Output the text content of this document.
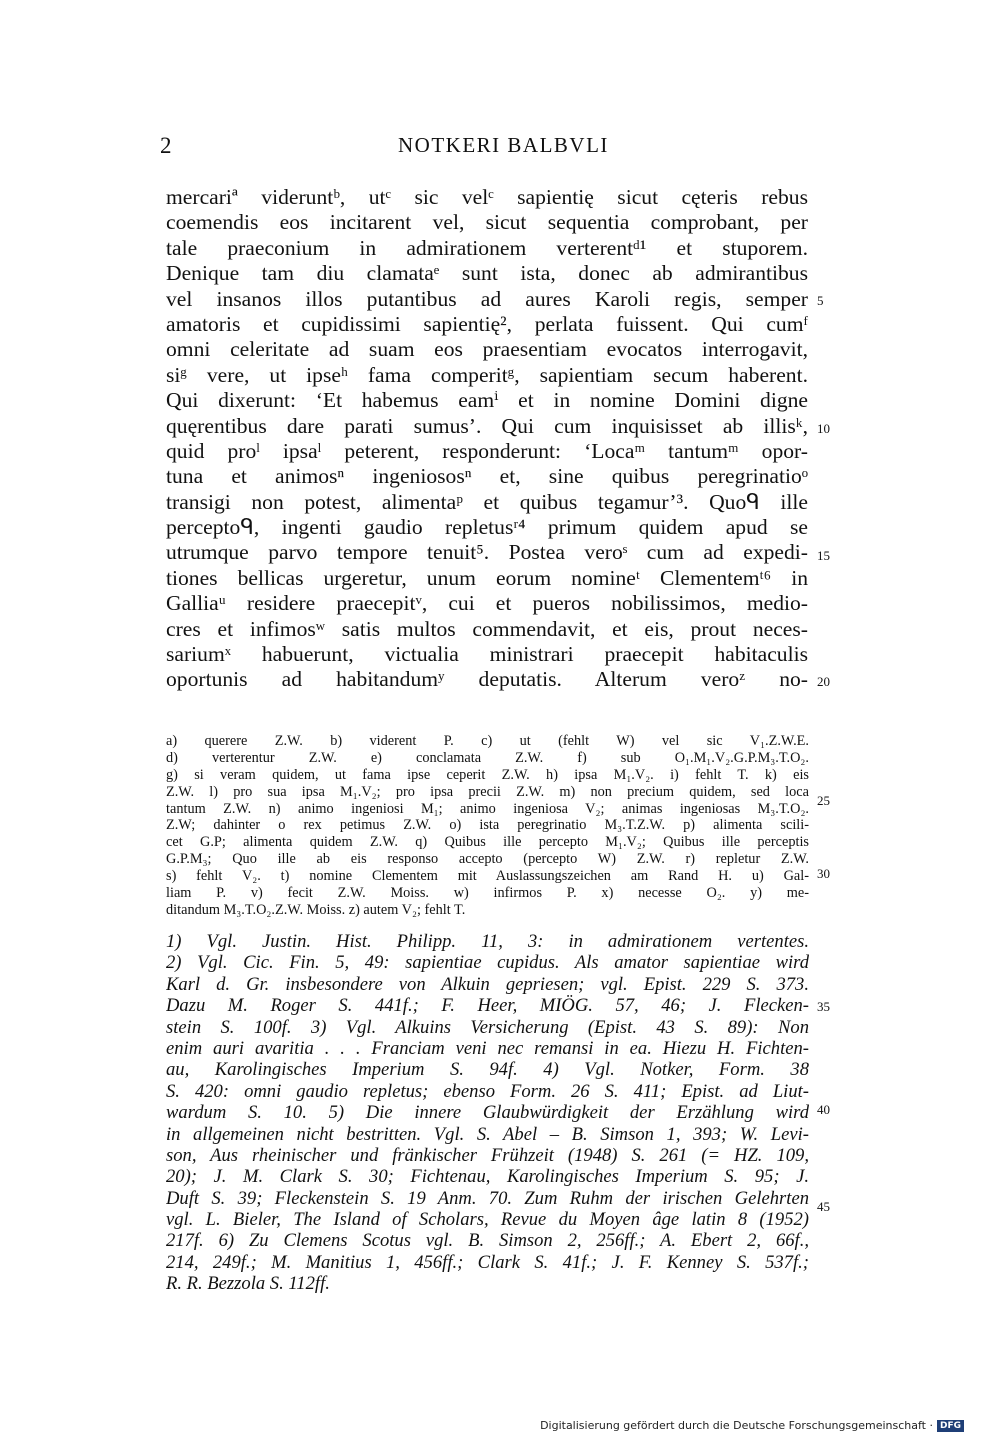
2	NOTKERI BALBVLI
mercariª videruntᵇ, utᶜ sic velᶜ sapientię sicut cęteris rebus
coemendis eos incitarent vel, sicut sequentia comprobant, per
tale praeconium in admirationem verterentᵈ¹ et stuporem.
Denique tam diu clamataᵉ sunt ista, donec ab admirantibus
vel insanos illos putantibus ad aures Karoli regis, semper
amatoris et cupidissimi sapientię², perlata fuissent. Qui cumᶠ
omni celeritate ad suam eos praesentiam evocatos interrogavit,
siᵍ vere, ut ipseʰ fama comperitᵍ, sapientiam secum haberent.
Qui dixerunt: ‘Et habemus eamⁱ et in nomine Domini digne
quęrentibus dare parati sumus’. Qui cum inquisisset ab illisᵏ,
quid proˡ ipsaˡ peterent, responderunt: ‘Locaᵐ tantumᵐ opor-
tuna et animosⁿ ingeniososⁿ et, sine quibus peregrinatioᵒ
transigi non potest, alimentaᵖ et quibus tegamur’³. Quoᑫ ille
perceptoᑫ, ingenti gaudio repletusʳ⁴ primum quidem apud se
utrumque parvo tempore tenuit⁵. Postea veroˢ cum ad expedi-
tiones bellicas urgeretur, unum eorum nomineᵗ Clementemᵗ⁶ in
Galliaᵘ residere praecepitᵛ, cui et pueros nobilissimos, medio-
cres et infimosʷ satis multos commendavit, et eis, prout neces-
sariumˣ habuerunt, victualia ministrari praecepit habitaculis
oportunis ad habitandumʸ deputatis. Alterum veroᶻ no-
a) querere Z.W. b) viderent P. c) ut (fehlt W) vel sic V₁.Z.W.E.
d) verterentur Z.W. e) conclamata Z.W. f) sub O₁.M₁.V₂.G.P.M₃.T.O₂.
g) si veram quidem, ut fama ipse ceperit Z.W. h) ipsa M₁.V₂. i) fehlt T. k) eis
Z.W. l) pro sua ipsa M₁.V₂; pro ipsa precii Z.W. m) non precium quidem, sed loca
tantum Z.W. n) animo ingeniosi M₁; animo ingeniosa V₂; animas ingeniosas M₃.T.O₂.
Z.W; dahinter o rex petimus Z.W. o) ista peregrinatio M₃.T.Z.W. p) alimenta scili-
cet G.P; alimenta quidem Z.W. q) Quibus ille percepto M₁.V₂; Quibus ille perceptis
G.P.M₃; Quo ille ab eis responso accepto (percepto W) Z.W. r) repletur Z.W.
s) fehlt V₂. t) nomine Clementem mit Auslassungszeichen am Rand H. u) Gal-
liam P. v) fecit Z.W. Moiss. w) infirmos P. x) necesse O₂. y) me-
ditandum M₃.T.O₂.Z.W. Moiss. z) autem V₂; fehlt T.
1) Vgl. Justin. Hist. Philipp. 11, 3: in admirationem vertentes.
2) Vgl. Cic. Fin. 5, 49: sapientiae cupidus. Als amator sapientiae wird
Karl d. Gr. insbesondere von Alkuin gepriesen; vgl. Epist. 229 S. 373.
Dazu M. Roger S. 441f.; F. Heer, MIÖG. 57, 46; J. Flecken-
stein S. 100f. 3) Vgl. Alkuins Versicherung (Epist. 43 S. 89): Non
enim auri avaritia . . . Franciam veni nec remansi in ea. Hiezu H. Fichten-
au, Karolingisches Imperium S. 94f. 4) Vgl. Notker, Form. 38
S. 420: omni gaudio repletus; ebenso Form. 26 S. 411; Epist. ad Liut-
wardum S. 10. 5) Die innere Glaubwürdigkeit der Erzählung wird
in allgemeinen nicht bestritten. Vgl. S. Abel – B. Simson 1, 393; W. Levi-
son, Aus rheinischer und fränkischer Frühzeit (1948) S. 261 (= HZ. 109,
20); J. M. Clark S. 30; Fichtenau, Karolingisches Imperium S. 95; J.
Duft S. 39; Fleckenstein S. 19 Anm. 70. Zum Ruhm der irischen Gelehrten
vgl. L. Bieler, The Island of Scholars, Revue du Moyen âge latin 8 (1952)
217f. 6) Zu Clemens Scotus vgl. B. Simson 2, 256ff.; A. Ebert 2, 66f.,
214, 249f.; M. Manitius 1, 456ff.; Clark S. 41f.; J. F. Kenney S. 537f.;
R. R. Bezzola S. 112ff.
5
10
15
20
25
30
35
40
45
Digitalisierung gefördert durch die Deutsche Forschungsgemeinschaft · DFG
